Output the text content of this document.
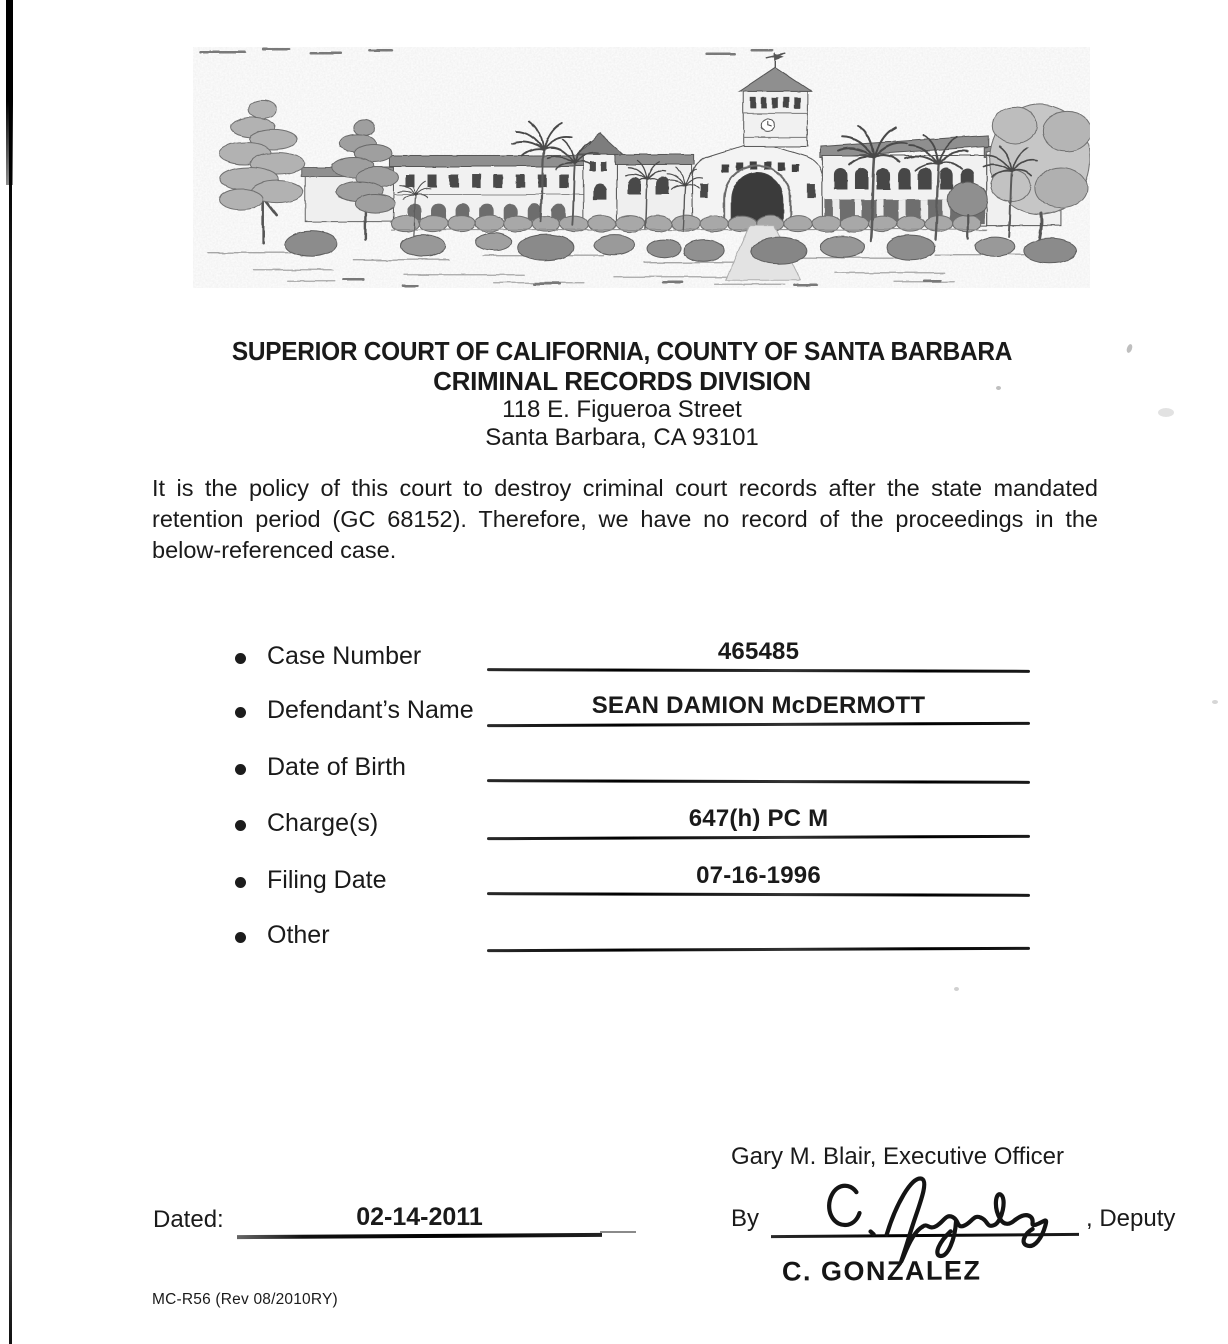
SUPERIOR COURT OF CALIFORNIA, COUNTY OF SANTA BARBARA
CRIMINAL RECORDS DIVISION
118 E. Figueroa Street
Santa Barbara, CA 93101
It is the policy of this court to destroy criminal court records after the state mandated
retention period (GC 68152). Therefore, we have no record of the proceedings in the
below-referenced case.
Case Number	465485
Defendant’s Name	SEAN DAMION McDERMOTT
Date of Birth
Charge(s)	647(h) PC M
Filing Date	07-16-1996
Other
Gary M. Blair, Executive Officer
By	, Deputy
C. GONZALEZ
Dated:	02-14-2011
MC-R56 (Rev 08/2010RY)
